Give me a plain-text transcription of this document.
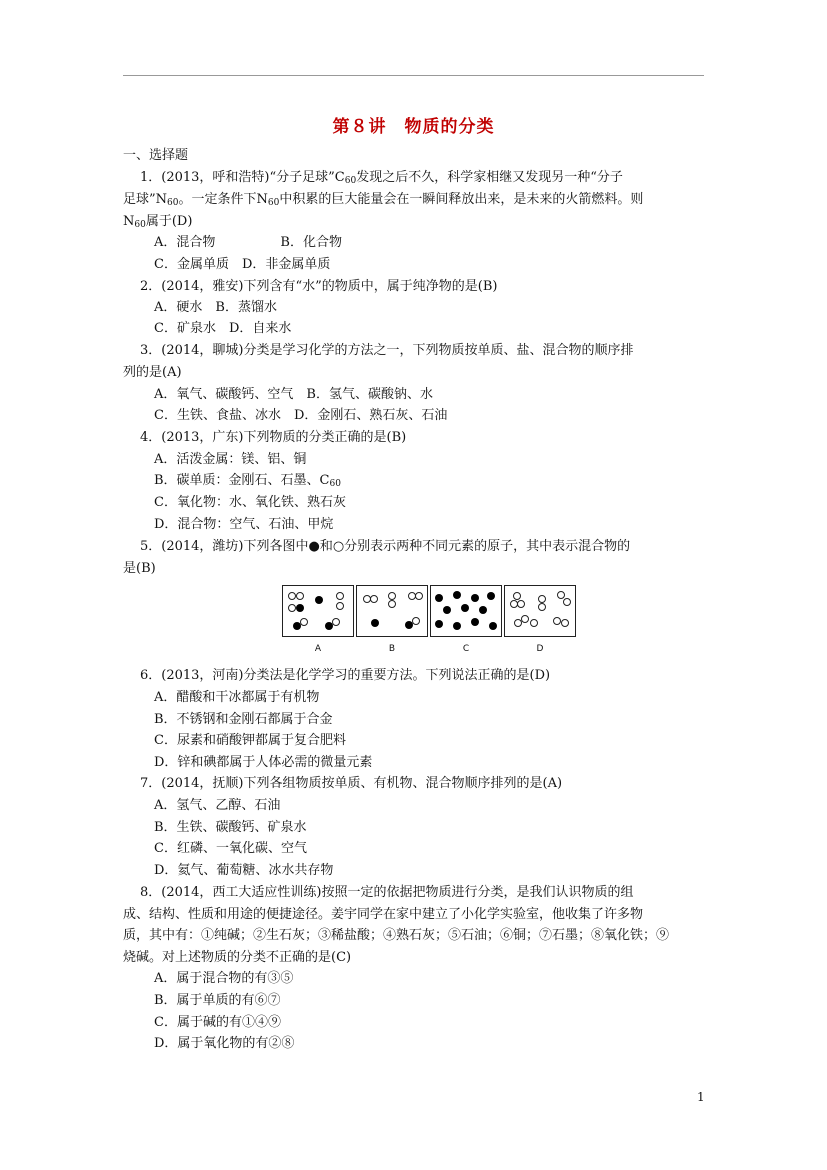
第８讲　物质的分类
一、选择题
1．(2013，呼和浩特)“分子足球$”C_{60}$发现之后不久，科学家相继又发现另一种“分子
足球$”N_{60}$。一定条件下$N_{60}$中积累的巨大能量会在一瞬间释放出来，是未来的火箭燃料。则
$N_{60}$属于(D)
A．混合物　　　　　B．化合物
C．金属单质　D．非金属单质
2．(2014，雅安)下列含有“水”的物质中，属于纯净物的是(B)
A．硬水　B．蒸馏水
C．矿泉水　D．自来水
3．(2014，聊城)分类是学习化学的方法之一，下列物质按单质、盐、混合物的顺序排
列的是(A)
A．氧气、碳酸钙、空气　B．氢气、碳酸钠、水
C．生铁、食盐、冰水　D．金刚石、熟石灰、石油
4．(2013，广东)下列物质的分类正确的是(B)
A．活泼金属：镁、铝、铜
B．碳单质：金刚石、石墨、$C_{60}$
C．氧化物：水、氧化铁、熟石灰
D．混合物：空气、石油、甲烷
5．(2014，潍坊)下列各图中●和○分别表示两种不同元素的原子，其中表示混合物的
是(B)
A	B	C	D
6．(2013，河南)分类法是化学学习的重要方法。下列说法正确的是(D)
A．醋酸和干冰都属于有机物
B．不锈钢和金刚石都属于合金
C．尿素和硝酸钾都属于复合肥料
D．锌和碘都属于人体必需的微量元素
7．(2014，抚顺)下列各组物质按单质、有机物、混合物顺序排列的是(A)
A．氢气、乙醇、石油
B．生铁、碳酸钙、矿泉水
C．红磷、一氧化碳、空气
D．氦气、葡萄糖、冰水共存物
8．(2014，西工大适应性训练)按照一定的依据把物质进行分类，是我们认识物质的组
成、结构、性质和用途的便捷途径。姜宇同学在家中建立了小化学实验室，他收集了许多物
质，其中有：①纯碱；②生石灰；③稀盐酸；④熟石灰；⑤石油；⑥铜；⑦石墨；⑧氧化铁；⑨
烧碱。对上述物质的分类不正确的是(C)
A．属于混合物的有③⑤
B．属于单质的有⑥⑦
C．属于碱的有①④⑨
D．属于氧化物的有②⑧
1
